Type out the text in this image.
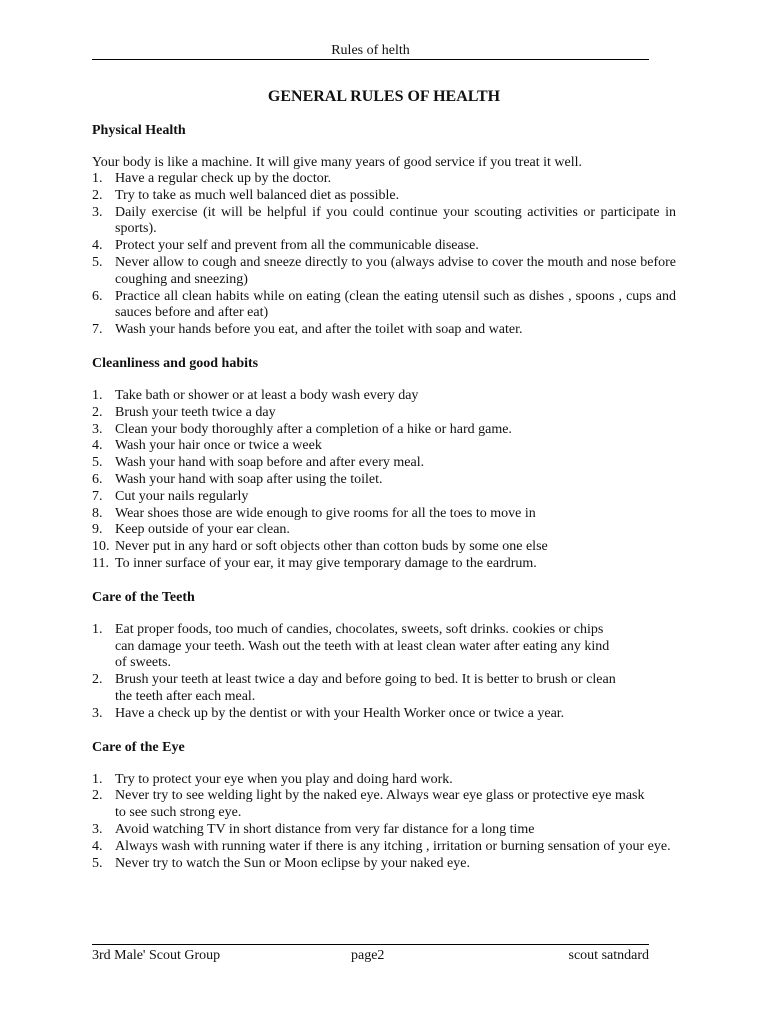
Rules of helth
GENERAL RULES OF HEALTH

Physical Health

Your body is like a machine. It will give many years of good service if you treat it well.

1. Have a regular check up by the doctor.
2. Try to take as much well balanced diet as possible.
3. Daily exercise (it will be helpful if you could continue your scouting activities or participate in sports).
4. Protect your self and prevent from all the communicable disease.
5. Never allow to cough and sneeze directly to you (always advise to cover the mouth and nose before coughing and sneezing)
6. Practice all clean habits while on eating (clean the eating utensil such as dishes , spoons , cups and sauces before and after eat)
7. Wash your hands before you eat, and after the toilet with soap and water.

Cleanliness and good habits

1. Take bath or shower or at least a body wash every day
2. Brush your teeth twice a day
3. Clean your body thoroughly after a completion of a hike or hard game.
4. Wash your hair once or twice a week
5. Wash your hand with soap before and after every meal.
6. Wash your hand with soap after using the toilet.
7. Cut your nails regularly
8. Wear shoes those are wide enough to give rooms for all the toes to move in
9. Keep outside of your ear clean.
10. Never put in any hard or soft objects other than cotton buds by some one else
11. To inner surface of your ear, it may give temporary damage to the eardrum.

Care of the Teeth

1. Eat proper foods, too much of candies, chocolates, sweets, soft drinks. cookies or chips can damage your teeth. Wash out the teeth with at least clean water after eating any kind of sweets.
2. Brush your teeth at least twice a day and before going to bed. It is better to brush or clean the teeth after each meal.
3. Have a check up by the dentist or with your Health Worker once or twice a year.

Care of the Eye

1. Try to protect your eye when you play and doing hard work.
2. Never try to see welding light by the naked eye. Always wear eye glass or protective eye mask to see such strong eye.
3. Avoid watching TV in short distance from very far distance for a long time
4. Always wash with running water if there is any itching , irritation or burning sensation of your eye.
5. Never try to watch the Sun or Moon eclipse by your naked eye.
3rd Male' Scout Group	page2	scout satndard
